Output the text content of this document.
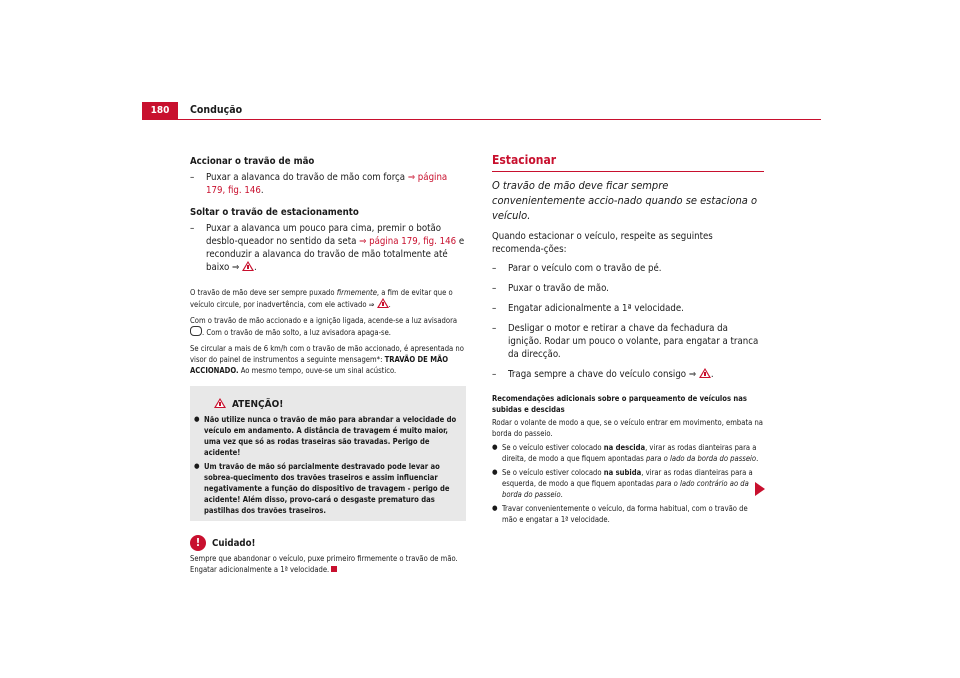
180	Condução
Accionar o travão de mão
– Puxar a alavanca do travão de mão com força ⇒ página 179, fig. 146.
Soltar o travão de estacionamento
– Puxar a alavanca um pouco para cima, premir o botão desblo-queador no sentido da seta ⇒ página 179, fig. 146 e reconduzir a alavanca do travão de mão totalmente até baixo ⇒
.
O travão de mão deve ser sempre puxado firmemente, a fim de evitar que o veículo circule, por inadvertência, com ele activado ⇒
.
Com o travão de mão accionado e a ignição ligada, acende-se a luz avisadora . Com o travão de mão solto, a luz avisadora apaga-se.
Se circular a mais de 6 km/h com o travão de mão accionado, é apresentada no visor do painel de instrumentos a seguinte mensagem*: TRAVÃO DE MÃO ACCIONADO. Ao mesmo tempo, ouve-se um sinal acústico.
ATENÇÃO!
● Não utilize nunca o travão de mão para abrandar a velocidade do veículo em andamento. A distância de travagem é muito maior, uma vez que só as rodas traseiras são travadas. Perigo de acidente!
● Um travão de mão só parcialmente destravado pode levar ao sobrea-quecimento dos travões traseiros e assim influenciar negativamente a função do dispositivo de travagem - perigo de acidente! Além disso, provo-cará o desgaste prematuro das pastilhas dos travões traseiros.
! Cuidado!
Sempre que abandonar o veículo, puxe primeiro firmemente o travão de mão. Engatar adicionalmente a 1ª velocidade.
Estacionar
O travão de mão deve ficar sempre convenientemente accio-nado quando se estaciona o veículo.
Quando estacionar o veículo, respeite as seguintes recomenda-ções:
– Parar o veículo com o travão de pé.
– Puxar o travão de mão.
– Engatar adicionalmente a 1ª velocidade.
– Desligar o motor e retirar a chave da fechadura da ignição. Rodar um pouco o volante, para engatar a tranca da direcção.
– Traga sempre a chave do veículo consigo ⇒
.
Recomendações adicionais sobre o parqueamento de veículos nas subidas e descidas
Rodar o volante de modo a que, se o veículo entrar em movimento, embata na borda do passeio.
● Se o veículo estiver colocado na descida, virar as rodas dianteiras para a direita, de modo a que fiquem apontadas para o lado da borda do passeio.
● Se o veículo estiver colocado na subida, virar as rodas dianteiras para a esquerda, de modo a que fiquem apontadas para o lado contrário ao da borda do passeio.
● Travar convenientemente o veículo, da forma habitual, com o travão de mão e engatar a 1ª velocidade.
